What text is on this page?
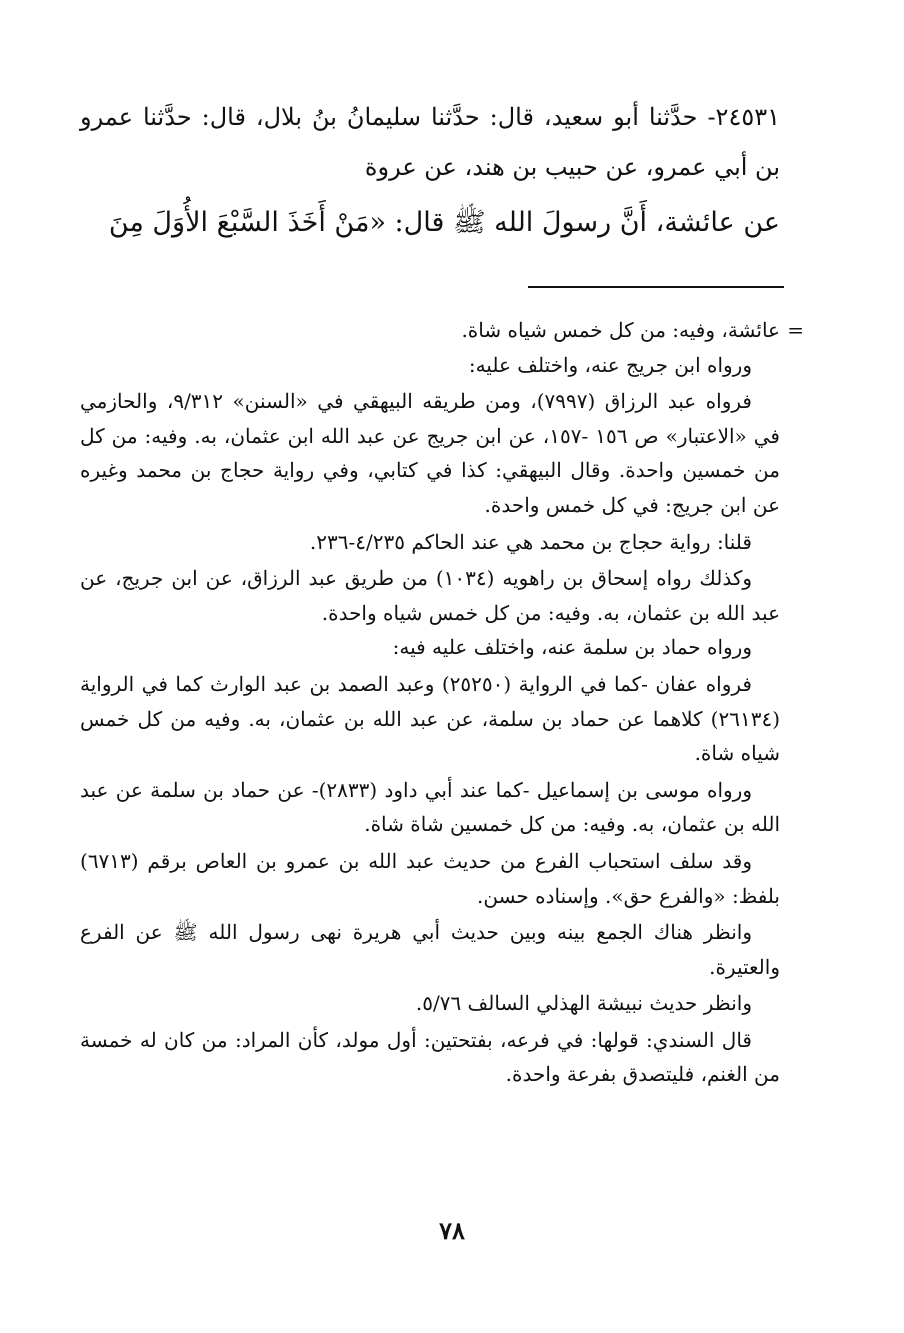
٢٤٥٣١- حدَّثنا أبو سعيد، قال: حدَّثنا سليمانُ بنُ بلال، قال: حدَّثنا عمرو بن أبي عمرو، عن حبيب بن هند، عن عروة

عن عائشة، أَنَّ رسولَ الله ﷺ قال: «مَنْ أَخَذَ السَّبْعَ الأُوَلَ مِنَ

=
عائشة، وفيه: من كل خمس شياه شاة.

ورواه ابن جريج عنه، واختلف عليه:

فرواه عبد الرزاق (٧٩٩٧)، ومن طريقه البيهقي في «السنن» ٩/٣١٢، والحازمي في «الاعتبار» ص ١٥٦ -١٥٧، عن ابن جريج عن عبد الله ابن عثمان، به. وفيه: من كل من خمسين واحدة. وقال البيهقي: كذا في كتابي، وفي رواية حجاج بن محمد وغيره عن ابن جريج: في كل خمس واحدة.

قلنا: رواية حجاج بن محمد هي عند الحاكم ٤/٢٣٥-٢٣٦.

وكذلك رواه إسحاق بن راهويه (١٠٣٤) من طريق عبد الرزاق، عن ابن جريج، عن عبد الله بن عثمان، به. وفيه: من كل خمس شياه واحدة.

ورواه حماد بن سلمة عنه، واختلف عليه فيه:

فرواه عفان -كما في الرواية (٢٥٢٥٠) وعبد الصمد بن عبد الوارث كما في الرواية (٢٦١٣٤) كلاهما عن حماد بن سلمة، عن عبد الله بن عثمان، به. وفيه من كل خمس شياه شاة.

ورواه موسى بن إسماعيل -كما عند أبي داود (٢٨٣٣)- عن حماد بن سلمة عن عبد الله بن عثمان، به. وفيه: من كل خمسين شاة شاة.

وقد سلف استحباب الفرع من حديث عبد الله بن عمرو بن العاص برقم (٦٧١٣) بلفظ: «والفرع حق». وإسناده حسن.

وانظر هناك الجمع بينه وبين حديث أبي هريرة نهى رسول الله ﷺ عن الفرع والعتيرة.

وانظر حديث نبيشة الهذلي السالف ٥/٧٦.

قال السندي: قولها: في فرعه، بفتحتين: أول مولد، كأن المراد: من كان له خمسة من الغنم، فليتصدق بفرعة واحدة.

٧٨
